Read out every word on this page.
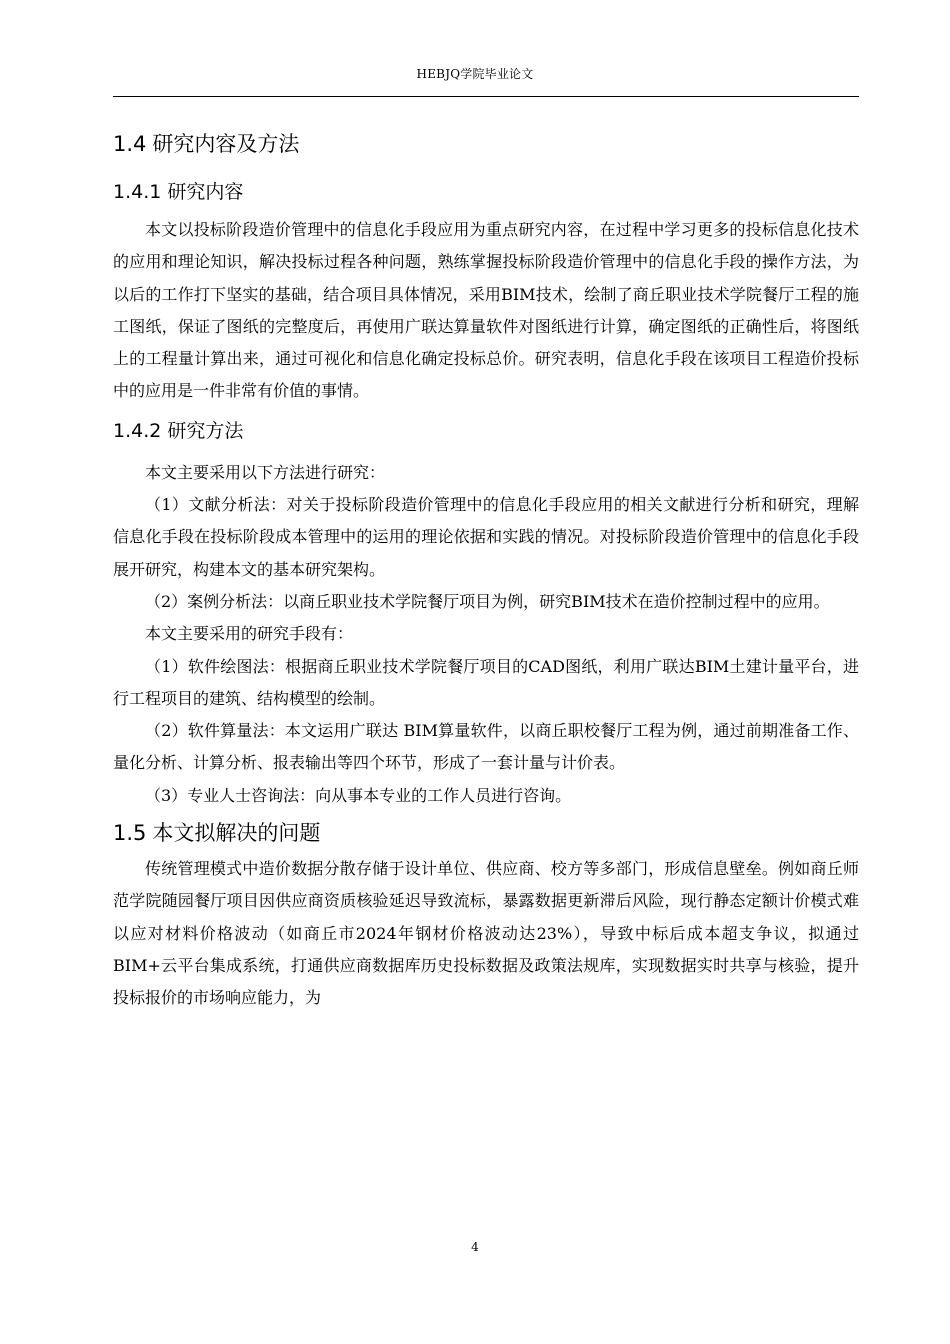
HEBJQ学院毕业论文
1.4 研究内容及方法
1.4.1 研究内容

本文以投标阶段造价管理中的信息化手段应用为重点研究内容，在过程中学习更多的投标信息化技术的应用和理论知识，解决投标过程各种问题，熟练掌握投标阶段造价管理中的信息化手段的操作方法，为以后的工作打下坚实的基础，结合项目具体情况，采用BIM技术，绘制了商丘职业技术学院餐厅工程的施工图纸，保证了图纸的完整度后，再使用广联达算量软件对图纸进行计算，确定图纸的正确性后，将图纸上的工程量计算出来，通过可视化和信息化确定投标总价。研究表明，信息化手段在该项目工程造价投标中的应用是一件非常有价值的事情。

1.4.2 研究方法

本文主要采用以下方法进行研究：

（1）文献分析法：对关于投标阶段造价管理中的信息化手段应用的相关文献进行分析和研究，理解信息化手段在投标阶段成本管理中的运用的理论依据和实践的情况。对投标阶段造价管理中的信息化手段展开研究，构建本文的基本研究架构。

（2）案例分析法：以商丘职业技术学院餐厅项目为例，研究BIM技术在造价控制过程中的应用。

本文主要采用的研究手段有：

（1）软件绘图法：根据商丘职业技术学院餐厅项目的CAD图纸，利用广联达BIM土建计量平台，进行工程项目的建筑、结构模型的绘制。

（2）软件算量法：本文运用广联达 BIM算量软件，以商丘职校餐厅工程为例，通过前期准备工作、量化分析、计算分析、报表输出等四个环节，形成了一套计量与计价表。

（3）专业人士咨询法：向从事本专业的工作人员进行咨询。

1.5 本文拟解决的问题

传统管理模式中造价数据分散存储于设计单位、供应商、校方等多部门，形成信息壁垒。例如商丘师范学院随园餐厅项目因供应商资质核验延迟导致流标，暴露数据更新滞后风险，现行静态定额计价模式难以应对材料价格波动（如商丘市2024年钢材价格波动达23%），导致中标后成本超支争议，拟通过BIM+云平台集成系统，打通供应商数据库历史投标数据及政策法规库，实现数据实时共享与核验，提升投标报价的市场响应能力，为

4
